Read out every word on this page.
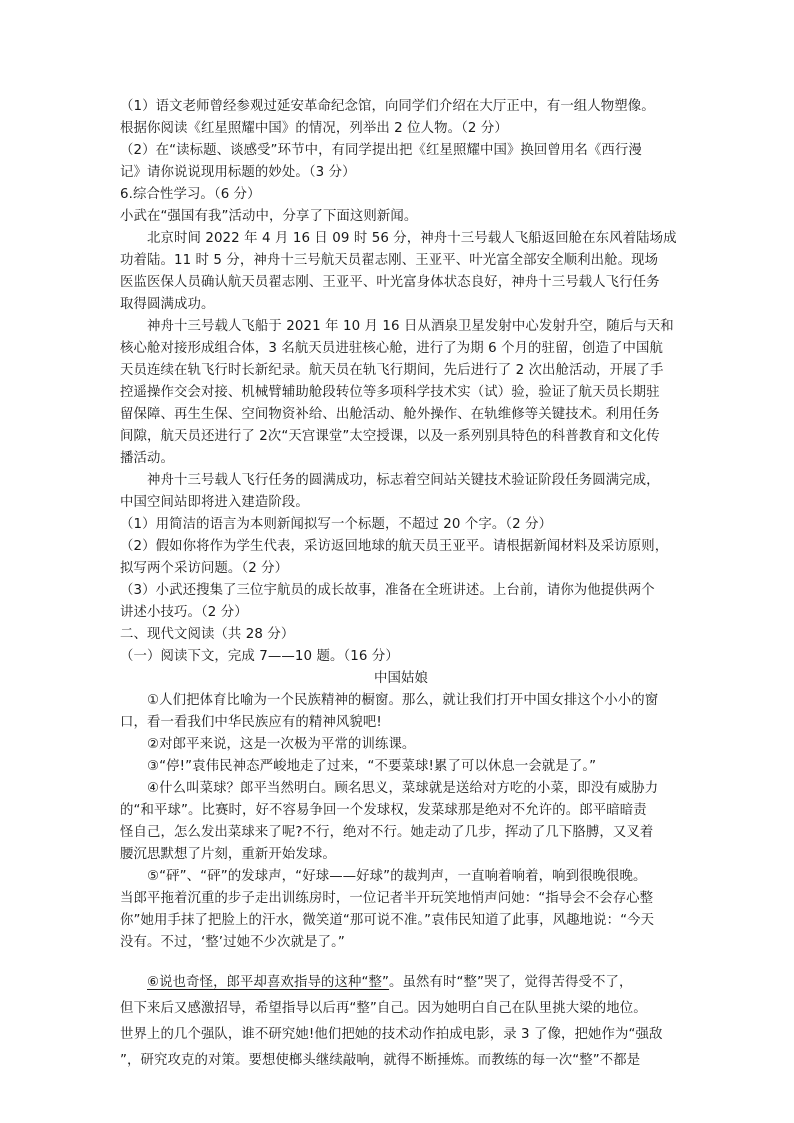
（1）语文老师曾经参观过延安革命纪念馆，向同学们介绍在大厅正中，有一组人物塑像。
根据你阅读《红星照耀中国》的情况，列举出 2 位人物。（2 分）
（2）在“读标题、谈感受”环节中，有同学提出把《红星照耀中国》换回曾用名《西行漫
记》请你说说现用标题的妙处。（3 分）
6.综合性学习。（6 分）
小武在“强国有我”活动中，分享了下面这则新闻。
北京时间 2022 年 4 月 16 日 09 时 56 分，神舟十三号载人飞船返回舱在东风着陆场成
功着陆。11 时 5 分，神舟十三号航天员翟志刚、王亚平、叶光富全部安全顺利出舱。现场
医监医保人员确认航天员翟志刚、王亚平、叶光富身体状态良好，神舟十三号载人飞行任务
取得圆满成功。
神舟十三号载人飞船于 2021 年 10 月 16 日从酒泉卫星发射中心发射升空，随后与天和
核心舱对接形成组合体，3 名航天员进驻核心舱，进行了为期 6 个月的驻留，创造了中国航
天员连续在轨飞行时长新纪录。航天员在轨飞行期间，先后进行了 2 次出舱活动，开展了手
控遥操作交会对接、机械臂辅助舱段转位等多项科学技术实（试）验，验证了航天员长期驻
留保障、再生生保、空间物资补给、出舱活动、舱外操作、在轨维修等关键技术。利用任务
间隙，航天员还进行了 2次“天宫课堂”太空授课，以及一系列别具特色的科普教育和文化传
播活动。
神舟十三号载人飞行任务的圆满成功，标志着空间站关键技术验证阶段任务圆满完成，
中国空间站即将进入建造阶段。
（1）用简洁的语言为本则新闻拟写一个标题，不超过 20 个字。（2 分）
（2）假如你将作为学生代表，采访返回地球的航天员王亚平。请根据新闻材料及采访原则，
拟写两个采访问题。（2 分）
（3）小武还搜集了三位宇航员的成长故事，准备在全班讲述。上台前，请你为他提供两个
讲述小技巧。（2 分）
二、现代文阅读（共 28 分）
（一）阅读下文，完成 7——10 题。（16 分）
中国姑娘
①人们把体育比喻为一个民族精神的橱窗。那么，就让我们打开中国女排这个小小的窗
口，看一看我们中华民族应有的精神风貌吧!
②对郎平来说，这是一次极为平常的训练课。
③“停!”袁伟民神态严峻地走了过来，“不要菜球!累了可以休息一会就是了。”
④什么叫菜球？郎平当然明白。顾名思义，菜球就是送给对方吃的小菜，即没有威胁力
的“和平球”。比赛时，好不容易争回一个发球权，发菜球那是绝对不允许的。郎平暗暗责
怪自己，怎么发出菜球来了呢?不行，绝对不行。她走动了几步，挥动了几下胳膊，又叉着
腰沉思默想了片刻，重新开始发球。
⑤“砰”、“砰”的发球声，“好球——好球”的裁判声，一直响着响着，响到很晚很晚。
当郎平拖着沉重的步子走出训练房时，一位记者半开玩笑地悄声问她：“指导会不会存心整
你”她用手抹了把脸上的汗水，微笑道“那可说不准。”袁伟民知道了此事，风趣地说：“今天
没有。不过，‘整’过她不少次就是了。”
⑥说也奇怪，郎平却喜欢指导的这种“整”。虽然有时“整”哭了，觉得苦得受不了，
但下来后又感激招导，希望指导以后再“整”自己。因为她明白自己在队里挑大梁的地位。
世界上的几个强队，谁不研究她!他们把她的技术动作拍成电影，录 3 了像，把她作为“强敌
”，研究攻克的对策。要想使榔头继续敲响，就得不断捶炼。而教练的每一次“整”不都是
